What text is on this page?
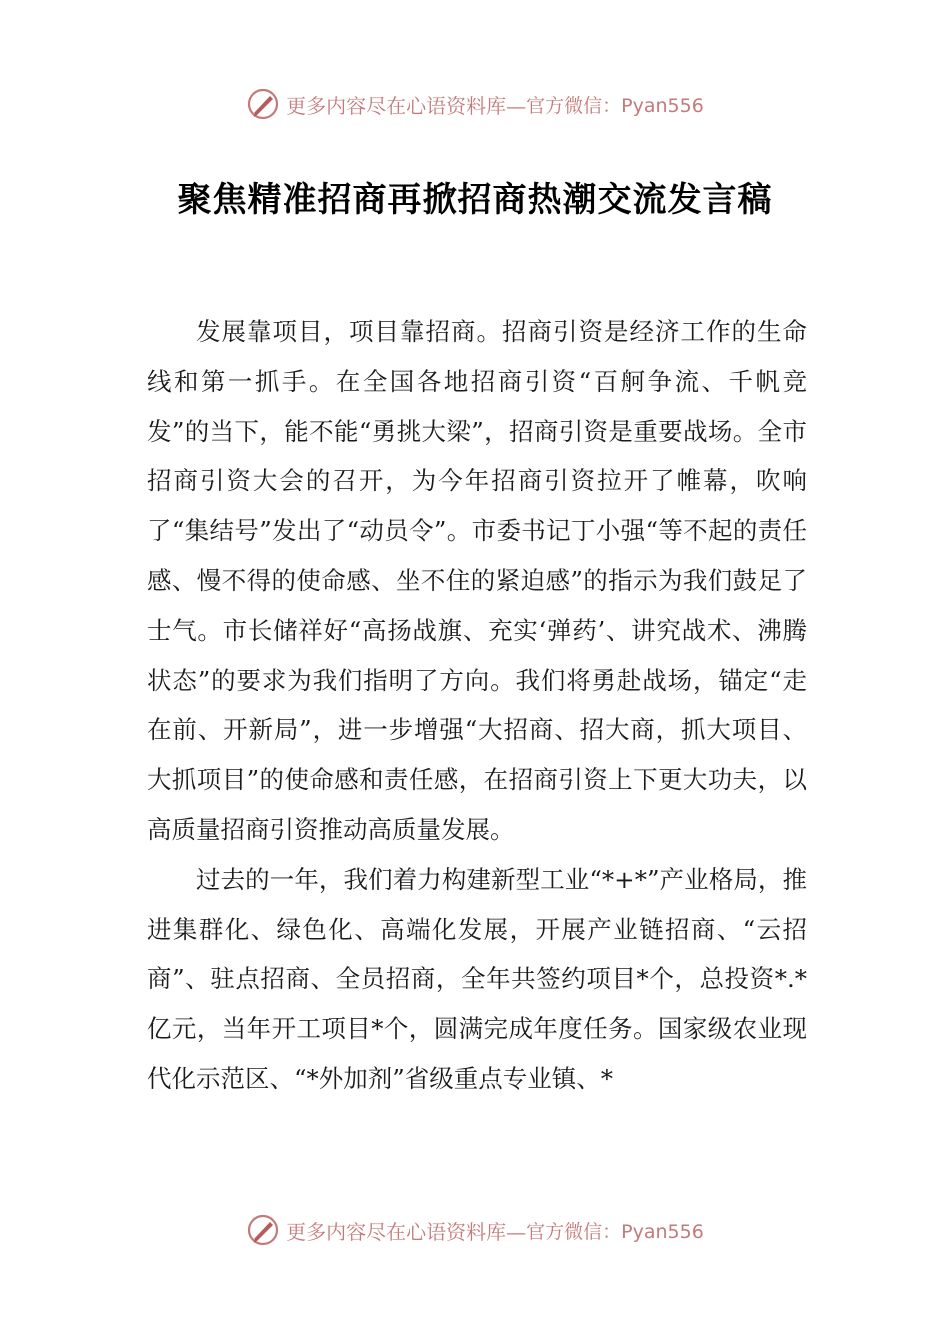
更多内容尽在心语资料库— 官方微信：Pyan556
聚焦精准招商再掀招商热潮交流发言稿

发展靠项目，项目靠招商。招商引资是经济工作的生命线和第一抓手。在全国各地招商引资“百舸争流、千帆竞发”的当下，能不能“勇挑大梁”，招商引资是重要战场。全市招商引资大会的召开，为今年招商引资拉开了帷幕，吹响了“集结号”发出了“动员令”。市委书记丁小强“等不起的责任感、慢不得的使命感、坐不住的紧迫感”的指示为我们鼓足了士气。市长储祥好“高扬战旗、充实‘弹药’、讲究战术、沸腾状态”的要求为我们指明了方向。我们将勇赴战场，锚定“走在前、开新局”，进一步增强“大招商、招大商，抓大项目、大抓项目”的使命感和责任感，在招商引资上下更大功夫，以高质量招商引资推动高质量发展。

过去的一年，我们着力构建新型工业“*+*”产业格局，推进集群化、绿色化、高端化发展，开展产业链招商、“云招商”、驻点招商、全员招商，全年共签约项目*个，总投资*.*亿元，当年开工项目*个，圆满完成年度任务。国家级农业现代化示范区、“*外加剂”省级重点专业镇、*

更多内容尽在心语资料库— 官方微信：Pyan556
